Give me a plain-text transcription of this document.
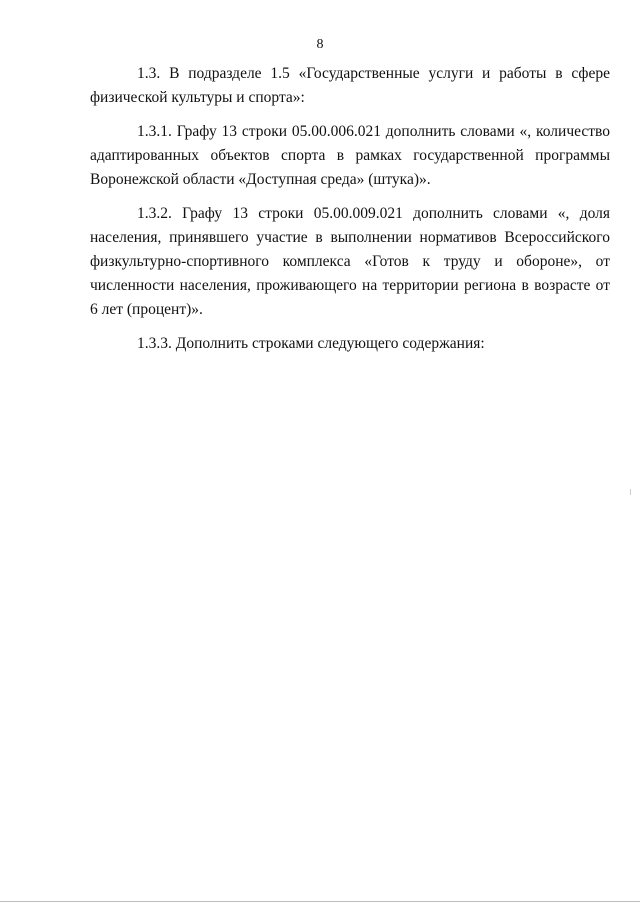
8

1.3. В подразделе 1.5 «Государственные услуги и работы в сфере физической культуры и спорта»:

1.3.1. Графу 13 строки 05.00.006.021 дополнить словами «, количество адаптированных объектов спорта в рамках государственной программы Воронежской области «Доступная среда» (штука)».

1.3.2. Графу 13 строки 05.00.009.021 дополнить словами «, доля населения, принявшего участие в выполнении нормативов Всероссийского физкультурно-спортивного комплекса «Готов к труду и обороне», от численности населения, проживающего на территории региона в возрасте от 6 лет (процент)».

1.3.3. Дополнить строками следующего содержания:
